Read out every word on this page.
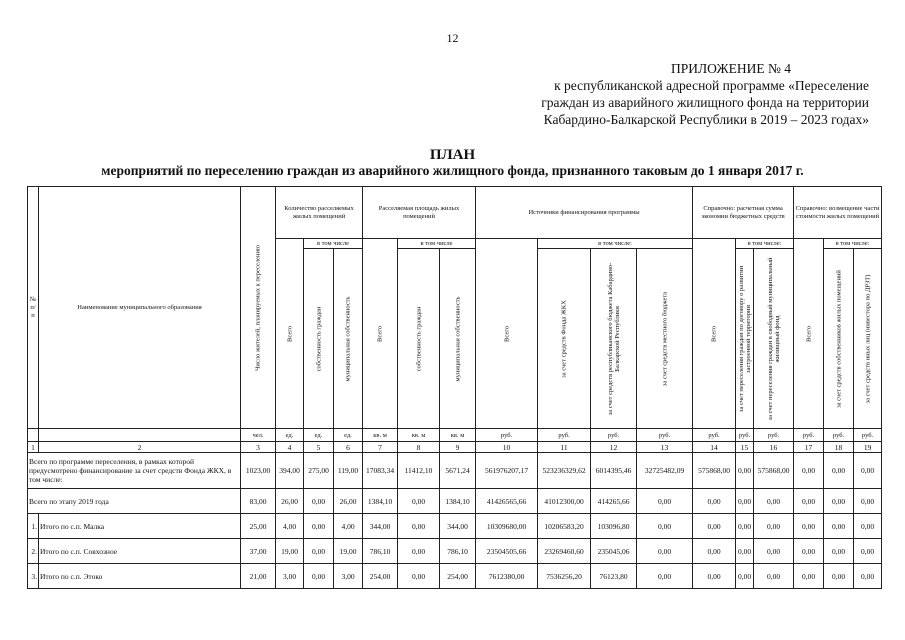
12
ПРИЛОЖЕНИЕ № 4
к республиканской адресной программе «Переселение
граждан из аварийного жилищного фонда на территории
Кабардино-Балкарской Республики в 2019 – 2023 годах»
ПЛАН
мероприятий по переселению граждан из аварийного жилищного фонда, признанного таковым до 1 января 2017 г.
№ п/п	Наименование муниципального образования	Число жителей, планируемых к переселению	Количество расселяемых жилых помещений			Расселяемая площадь жилых помещений			Источники финансирования программы				Справочно: расчетная сумма экономии бюджетных средств			Справочно: возмещение части стоимости жилых помещений		

			Всего	в том числе		Всего	в том числе		Всего	в том числе:			Всего	в том числе:		Всего	в том числе:	

				собственность граждан	муниципальная собственность		собственность граждан	муниципальная собственность		за счет средств Фонда ЖКХ	за счет средств республиканского бюджета Кабардино-Балкарской Республики	за счет средств местного бюджета		за счет переселения граждан по договору о развитии застроенной территории	за счет переселения граждан в свободный муниципальный жилищный фонд		за счет средств собственников жилых помещений	за счет средств иных лиц (инвестора по ДРЗТ)

		чел.	ед.	ед.	ед.	кв. м	кв. м	кв. м	руб.	руб.	руб.	руб.	руб.	руб.	руб.	руб.	руб.	руб.
1	2	3	4	5	6	7	8	9	10	11	12	13	14	15	16	17	18	19
Всего по программе переселения, в рамках которой предусмотрено финансирование за счет средств Фонда ЖКХ, в том числе:		1023,00	394,00	275,00	119,00	17083,34	11412,10	5671,24	561976207,17	523236329,62	6014395,46	32725482,09	575868,00	0,00	575868,00	0,00	0,00	0,00
Всего по этапу 2019 года		83,00	26,00	0,00	26,00	1384,10	0,00	1384,10	41426565,66	41012300,00	414265,66	0,00	0,00	0,00	0,00	0,00	0,00	0,00
1.	Итого по с.п. Малка	25,00	4,00	0,00	4,00	344,00	0,00	344,00	10309680,00	10206583,20	103096,80	0,00	0,00	0,00	0,00	0,00	0,00	0,00
2.	Итого по с.п. Совхозное	37,00	19,00	0,00	19,00	786,10	0,00	786,10	23504505,66	23269460,60	235045,06	0,00	0,00	0,00	0,00	0,00	0,00	0,00
3.	Итого по с.п. Этоко	21,00	3,00	0,00	3,00	254,00	0,00	254,00	7612380,00	7536256,20	76123,80	0,00	0,00	0,00	0,00	0,00	0,00	0,00
